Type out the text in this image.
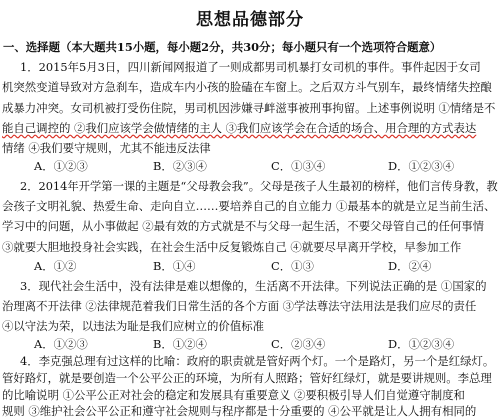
思想品德部分
一、选择题（本大题共15小题，每小题2分，共30分；每小题只有一个选项符合题意）
1．2015年5月3日，四川新闻网报道了一则成都男司机暴打女司机的事件。事件起因于女司
机突然变道导致对方急刹车，造成车内小孩的脸磕在车窗上。之后双方斗气别车，最终情绪失控酿
成暴力冲突。女司机被打受伤住院，男司机因涉嫌寻衅滋事被刑事拘留。上述事例说明 ①情绪是不
能自己调控的 ②我们应该学会做情绪的主人 ③我们应该学会在合适的场合、用合理的方式表达
情绪 ④我们要守规则，尤其不能违反法律
A．①②③	B．②③④	C．①③④	D．①②③④
2．2014年开学第一课的主题是“父母教会我”。父母是孩子人生最初的榜样，他们言传身教，教
会孩子文明礼貌、热爱生命、走向自立……要培养自己的自立能力 ①最基本的就是立足当前生活、
学习中的问题，从小事做起 ②最有效的方式就是不与父母一起生活，不要父母管自己的任何事情
③就要大胆地投身社会实践，在社会生活中反复锻炼自己 ④就要尽早离开学校，早参加工作
A．①②	B．①④	C．①③	D．②④
3．现代社会生活中，没有法律是难以想像的，生活离不开法律。下列说法正确的是 ①国家的
治理离不开法律 ②法律规范着我们日常生活的各个方面 ③学法尊法守法用法是我们应尽的责任
④以守法为荣，以违法为耻是我们应树立的价值标准
A．①②③	B．①②④	C．②③④	D．①②③④
4．李克强总理有过这样的比喻：政府的职责就是管好两个灯。一个是路灯，另一个是红绿灯。
管好路灯，就是要创造一个公平公正的环境，为所有人照路；管好红绿灯，就是要讲规则。李总理
的比喻说明 ①公平公正对社会的稳定和发展具有重要意义 ②要积极引导人们自觉遵守制度和
规则 ③维护社会公平公正和遵守社会规则与程序都是十分重要的 ④公平就是让人人拥有相同的
